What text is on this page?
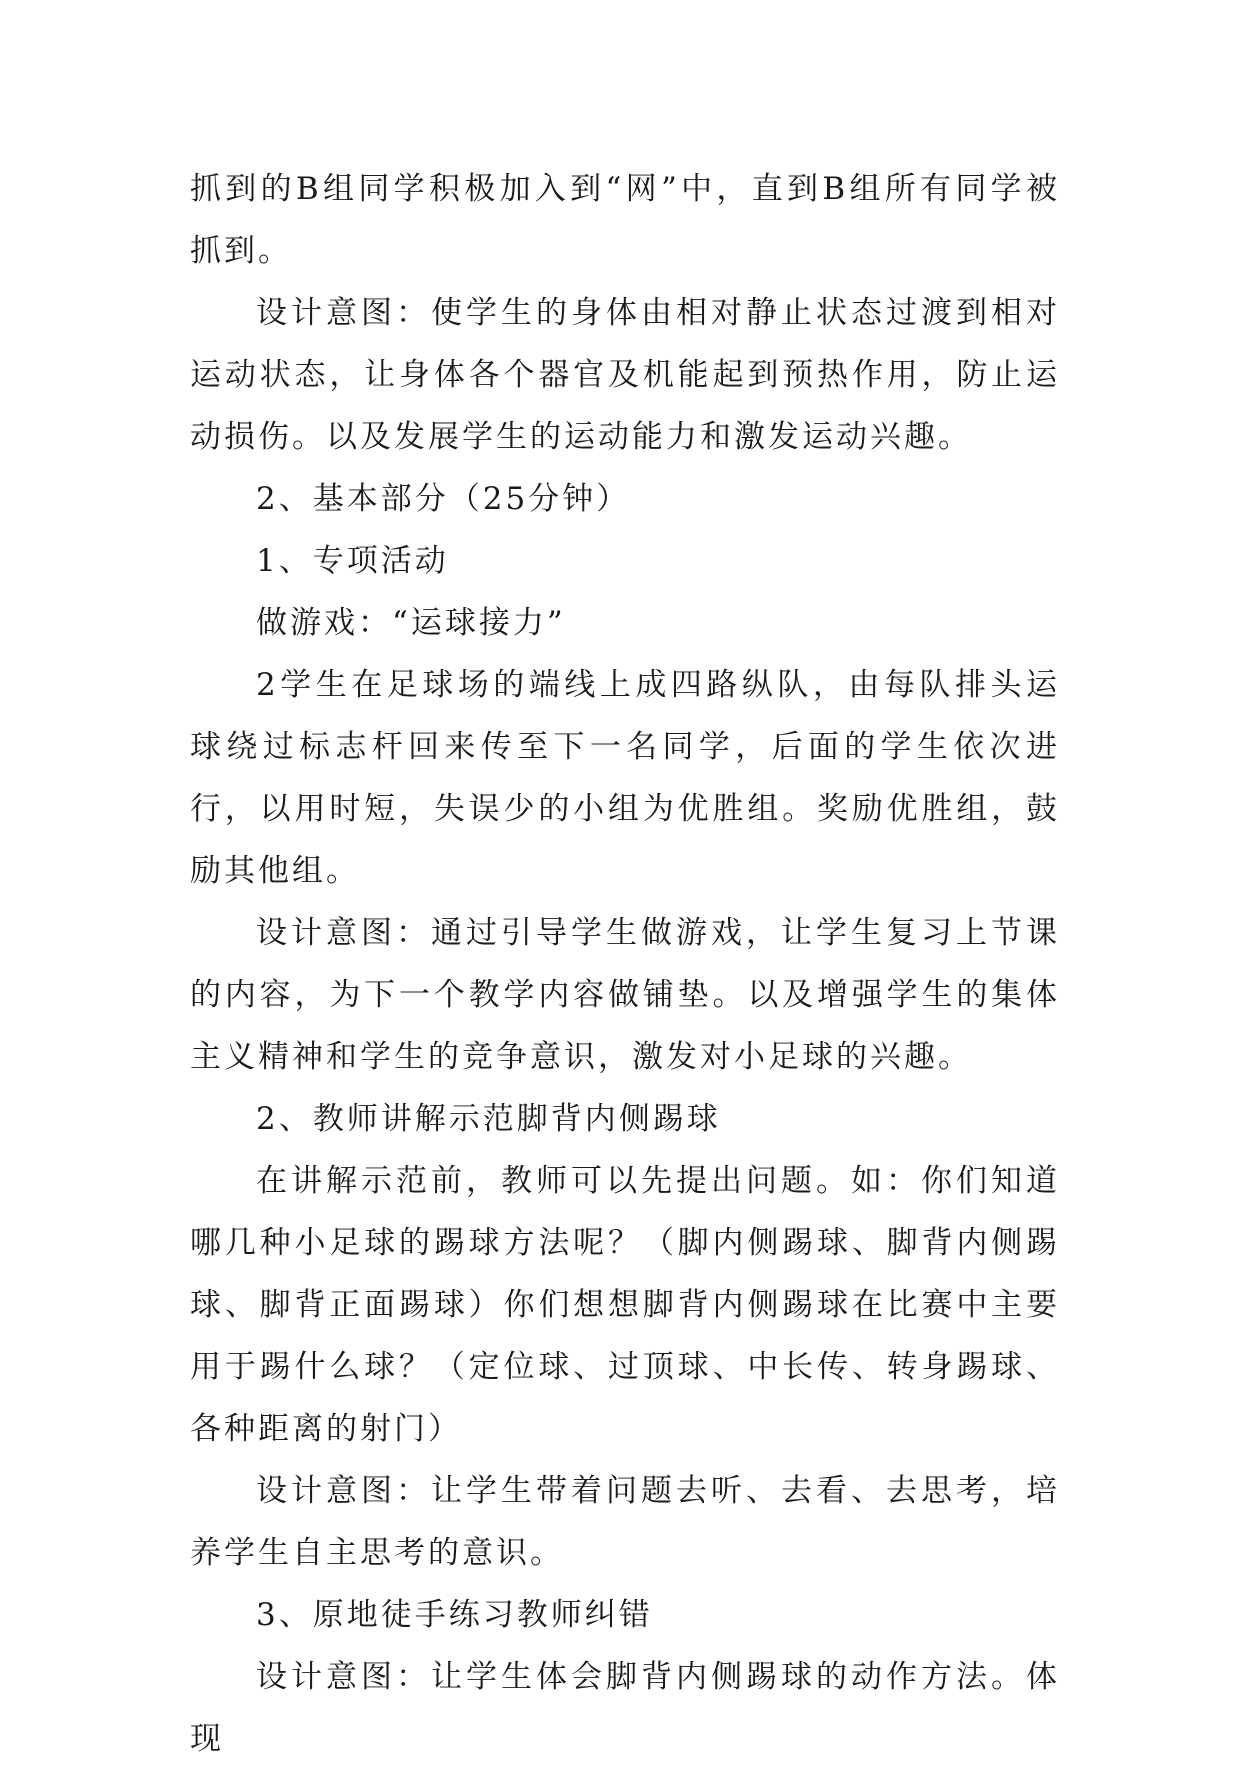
抓到的B组同学积极加入到“网”中，直到B组所有同学被抓到。

设计意图：使学生的身体由相对静止状态过渡到相对运动状态，让身体各个器官及机能起到预热作用，防止运动损伤。以及发展学生的运动能力和激发运动兴趣。

2、基本部分（25分钟）

1、专项活动

做游戏：“运球接力”

2学生在足球场的端线上成四路纵队，由每队排头运球绕过标志杆回来传至下一名同学，后面的学生依次进行，以用时短，失误少的小组为优胜组。奖励优胜组，鼓励其他组。

设计意图：通过引导学生做游戏，让学生复习上节课的内容，为下一个教学内容做铺垫。以及增强学生的集体主义精神和学生的竞争意识，激发对小足球的兴趣。

2、教师讲解示范脚背内侧踢球

在讲解示范前，教师可以先提出问题。如：你们知道哪几种小足球的踢球方法呢？（脚内侧踢球、脚背内侧踢球、脚背正面踢球）你们想想脚背内侧踢球在比赛中主要用于踢什么球？（定位球、过顶球、中长传、转身踢球、各种距离的射门）

设计意图：让学生带着问题去听、去看、去思考，培养学生自主思考的意识。

3、原地徒手练习教师纠错

设计意图：让学生体会脚背内侧踢球的动作方法。体现
